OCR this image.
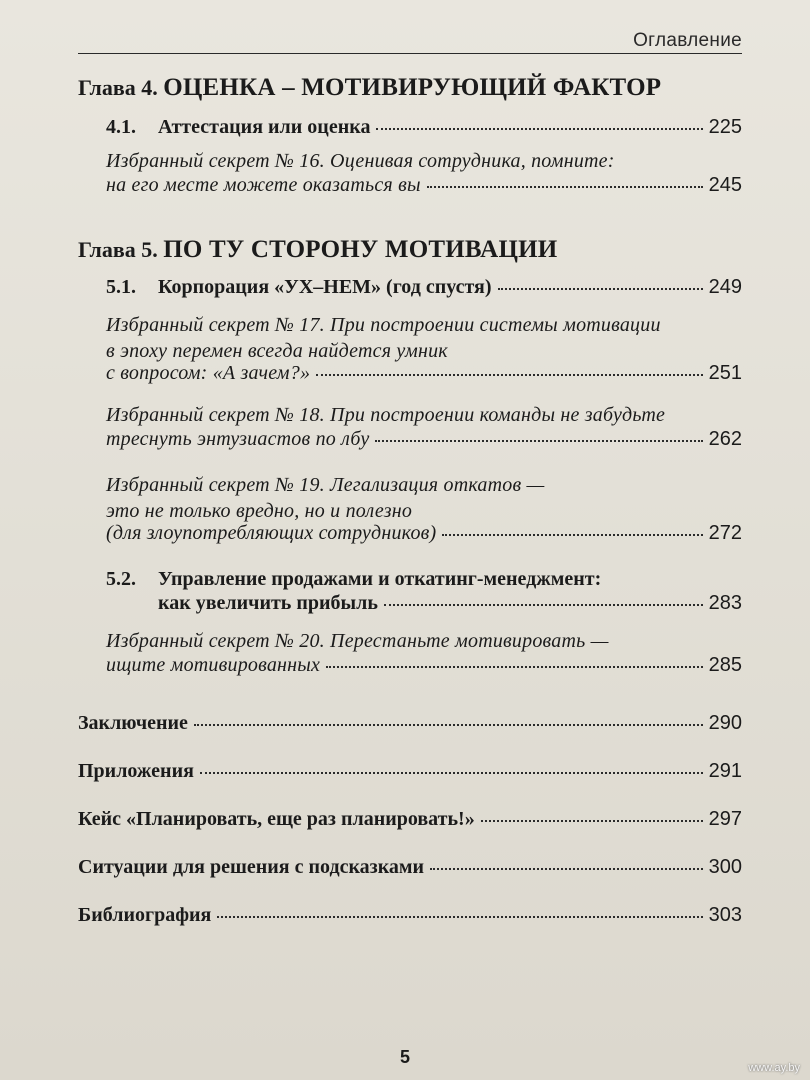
Оглавление
Глава 4. ОЦЕНКА – МОТИВИРУЮЩИЙ ФАКТОР
4.1. Аттестация или оценка	225
Избранный секрет № 16. Оценивая сотрудника, помните:
на его месте можете оказаться вы	245
Глава 5. ПО ТУ СТОРОНУ МОТИВАЦИИ
5.1. Корпорация «УХ–НЕМ» (год спустя)	249
Избранный секрет № 17. При построении системы мотивации
в эпоху перемен всегда найдется умник
с вопросом: «А зачем?»	251
Избранный секрет № 18. При построении команды не забудьте
треснуть энтузиастов по лбу	262
Избранный секрет № 19. Легализация откатов —
это не только вредно, но и полезно
(для злоупотребляющих сотрудников)	272
5.2. Управление продажами и откатинг-менеджмент:
как увеличить прибыль	283
Избранный секрет № 20. Перестаньте мотивировать —
ищите мотивированных	285
Заключение	290
Приложения	291
Кейс «Планировать, еще раз планировать!»	297
Ситуации для решения с подсказками	300
Библиография	303
5
www.ay.by
